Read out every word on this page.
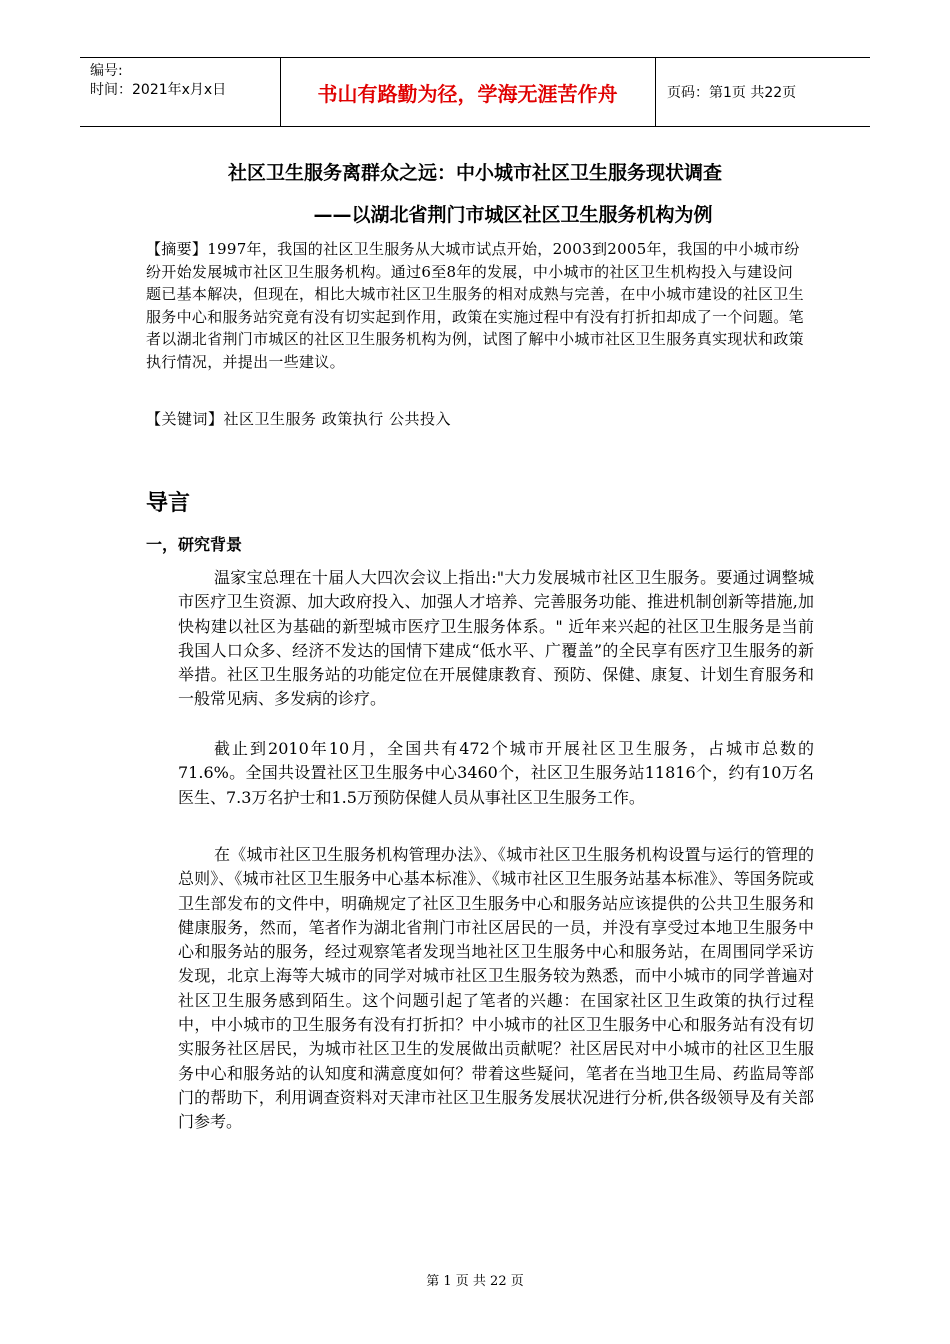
编号:
时间：2021年x月x日	书山有路勤为径，学海无涯苦作舟	页码：第1页 共22页
社区卫生服务离群众之远：中小城市社区卫生服务现状调查
——以湖北省荆门市城区社区卫生服务机构为例
【摘要】1997年，我国的社区卫生服务从大城市试点开始，2003到2005年，我国的中小城市纷纷开始发展城市社区卫生服务机构。通过6至8年的发展，中小城市的社区卫生机构投入与建设问题已基本解决，但现在，相比大城市社区卫生服务的相对成熟与完善，在中小城市建设的社区卫生服务中心和服务站究竟有没有切实起到作用，政策在实施过程中有没有打折扣却成了一个问题。笔者以湖北省荆门市城区的社区卫生服务机构为例，试图了解中小城市社区卫生服务真实现状和政策执行情况，并提出一些建议。
【关键词】社区卫生服务 政策执行 公共投入
导言
一，研究背景
温家宝总理在十届人大四次会议上指出:"大力发展城市社区卫生服务。要通过调整城市医疗卫生资源、加大政府投入、加强人才培养、完善服务功能、推进机制创新等措施,加快构建以社区为基础的新型城市医疗卫生服务体系。" 近年来兴起的社区卫生服务是当前我国人口众多、经济不发达的国情下建成“低水平、广覆盖”的全民享有医疗卫生服务的新举措。社区卫生服务站的功能定位在开展健康教育、预防、保健、康复、计划生育服务和一般常见病、多发病的诊疗。
截止到2010年10月，全国共有472个城市开展社区卫生服务，占城市总数的71.6%。全国共设置社区卫生服务中心3460个，社区卫生服务站11816个，约有10万名医生、7.3万名护士和1.5万预防保健人员从事社区卫生服务工作。
在《城市社区卫生服务机构管理办法》、《城市社区卫生服务机构设置与运行的管理的总则》、《城市社区卫生服务中心基本标准》、《城市社区卫生服务站基本标准》、等国务院或卫生部发布的文件中，明确规定了社区卫生服务中心和服务站应该提供的公共卫生服务和健康服务，然而，笔者作为湖北省荆门市社区居民的一员，并没有享受过本地卫生服务中心和服务站的服务，经过观察笔者发现当地社区卫生服务中心和服务站，在周围同学采访发现，北京上海等大城市的同学对城市社区卫生服务较为熟悉，而中小城市的同学普遍对社区卫生服务感到陌生。这个问题引起了笔者的兴趣：在国家社区卫生政策的执行过程中，中小城市的卫生服务有没有打折扣？中小城市的社区卫生服务中心和服务站有没有切实服务社区居民，为城市社区卫生的发展做出贡献呢？社区居民对中小城市的社区卫生服务中心和服务站的认知度和满意度如何？带着这些疑问，笔者在当地卫生局、药监局等部门的帮助下，利用调查资料对天津市社区卫生服务发展状况进行分析,供各级领导及有关部门参考。
第 1 页 共 22 页
